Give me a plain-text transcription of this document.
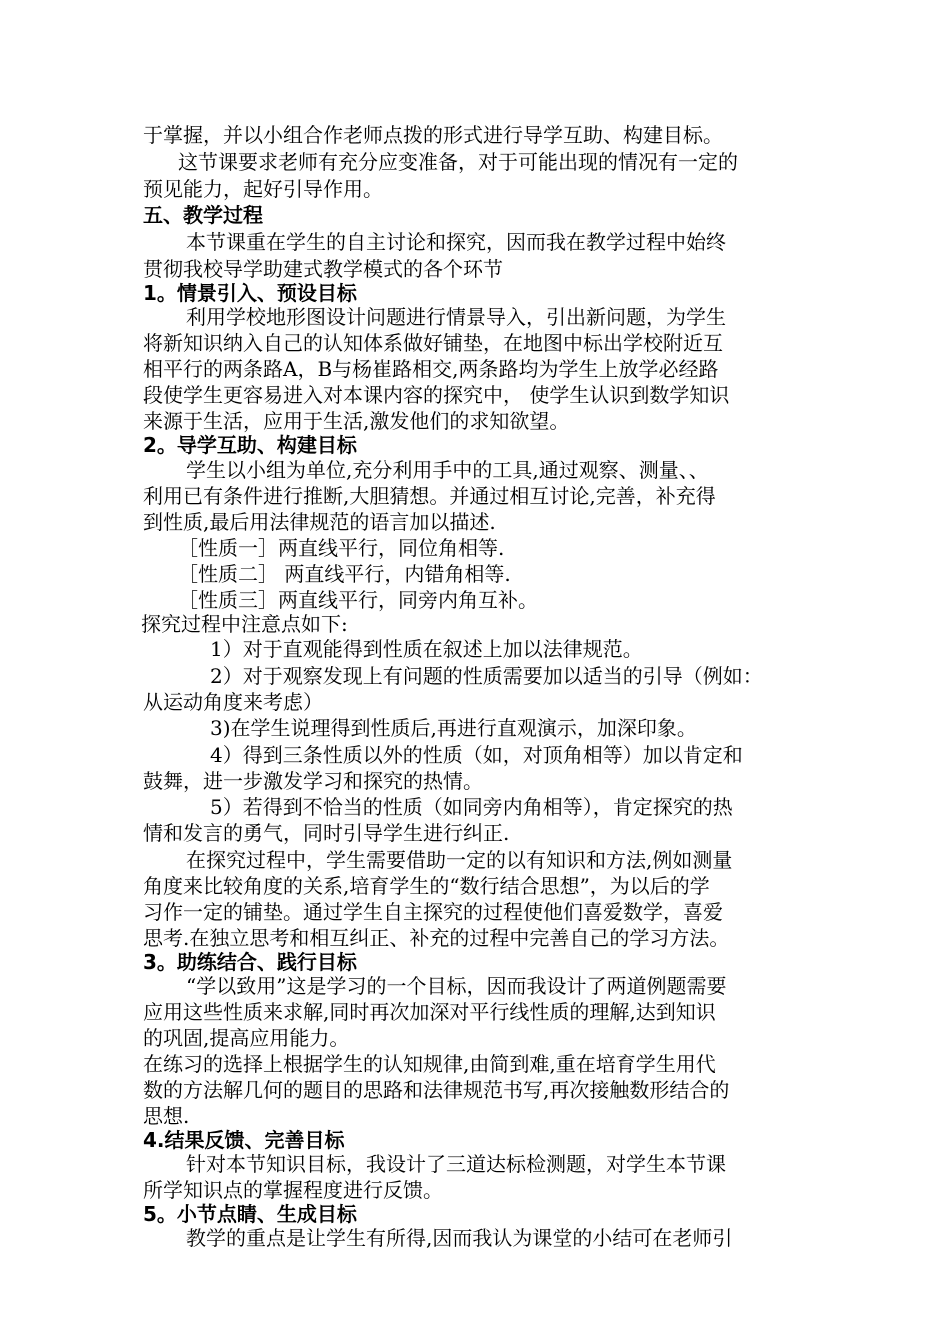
于掌握，并以小组合作老师点拨的形式进行导学互助、构建目标。
这节课要求老师有充分应变准备，对于可能出现的情况有一定的
预见能力，起好引导作用。
五、教学过程
本节课重在学生的自主讨论和探究，因而我在教学过程中始终
贯彻我校导学助建式教学模式的各个环节
1。情景引入、预设目标
利用学校地形图设计问题进行情景导入，引出新问题，为学生
将新知识纳入自己的认知体系做好铺垫，在地图中标出学校附近互
相平行的两条路A，B与杨崔路相交,两条路均为学生上放学必经路
段使学生更容易进入对本课内容的探究中， 使学生认识到数学知识
来源于生活，应用于生活,激发他们的求知欲望。
2。导学互助、构建目标
学生以小组为单位,充分利用手中的工具,通过观察、测量、、
利用已有条件进行推断,大胆猜想。并通过相互讨论,完善，补充得
到性质,最后用法律规范的语言加以描述.
［性质一］两直线平行，同位角相等.
［性质二］ 两直线平行，内错角相等.
［性质三］两直线平行，同旁内角互补。
探究过程中注意点如下:
1）对于直观能得到性质在叙述上加以法律规范。
2）对于观察发现上有问题的性质需要加以适当的引导（例如：
从运动角度来考虑）
3)在学生说理得到性质后,再进行直观演示，加深印象。
4）得到三条性质以外的性质（如，对顶角相等）加以肯定和
鼓舞，进一步激发学习和探究的热情。
5）若得到不恰当的性质（如同旁内角相等），肯定探究的热
情和发言的勇气，同时引导学生进行纠正.
在探究过程中，学生需要借助一定的以有知识和方法,例如测量
角度来比较角度的关系,培育学生的“数行结合思想”，为以后的学
习作一定的铺垫。通过学生自主探究的过程使他们喜爱数学，喜爱
思考.在独立思考和相互纠正、补充的过程中完善自己的学习方法。
3。助练结合、践行目标
“学以致用”这是学习的一个目标，因而我设计了两道例题需要
应用这些性质来求解,同时再次加深对平行线性质的理解,达到知识
的巩固,提高应用能力。
在练习的选择上根据学生的认知规律,由简到难,重在培育学生用代
数的方法解几何的题目的思路和法律规范书写,再次接触数形结合的
思想.
4.结果反馈、完善目标
针对本节知识目标，我设计了三道达标检测题，对学生本节课
所学知识点的掌握程度进行反馈。
5。小节点睛、生成目标
教学的重点是让学生有所得,因而我认为课堂的小结可在老师引
